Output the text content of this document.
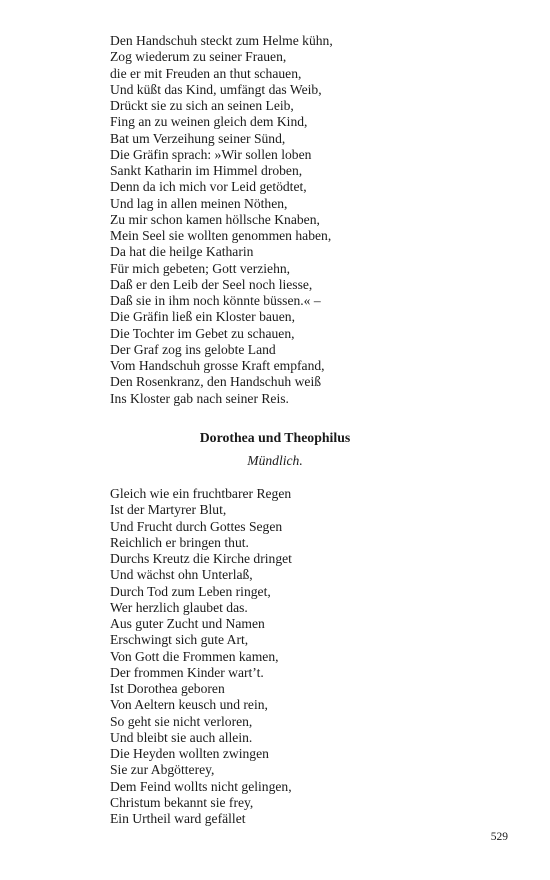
Den Handschuh steckt zum Helme kühn,
Zog wiederum zu seiner Frauen,
die er mit Freuden an thut schauen,
Und küßt das Kind, umfängt das Weib,
Drückt sie zu sich an seinen Leib,
Fing an zu weinen gleich dem Kind,
Bat um Verzeihung seiner Sünd,
Die Gräfin sprach: »Wir sollen loben
Sankt Katharin im Himmel droben,
Denn da ich mich vor Leid getödtet,
Und lag in allen meinen Nöthen,
Zu mir schon kamen höllsche Knaben,
Mein Seel sie wollten genommen haben,
Da hat die heilge Katharin
Für mich gebeten; Gott verziehn,
Daß er den Leib der Seel noch liesse,
Daß sie in ihm noch könnte büssen.« –
Die Gräfin ließ ein Kloster bauen,
Die Tochter im Gebet zu schauen,
Der Graf zog ins gelobte Land
Vom Handschuh grosse Kraft empfand,
Den Rosenkranz, den Handschuh weiß
Ins Kloster gab nach seiner Reis.
Dorothea und Theophilus

Mündlich.

Gleich wie ein fruchtbarer Regen
Ist der Martyrer Blut,
Und Frucht durch Gottes Segen
Reichlich er bringen thut.
Durchs Kreutz die Kirche dringet
Und wächst ohn Unterlaß,
Durch Tod zum Leben ringet,
Wer herzlich glaubet das.
Aus guter Zucht und Namen
Erschwingt sich gute Art,
Von Gott die Frommen kamen,
Der frommen Kinder wart’t.
Ist Dorothea geboren
Von Aeltern keusch und rein,
So geht sie nicht verloren,
Und bleibt sie auch allein.
Die Heyden wollten zwingen
Sie zur Abgötterey,
Dem Feind wollts nicht gelingen,
Christum bekannt sie frey,
Ein Urtheil ward gefället
529
